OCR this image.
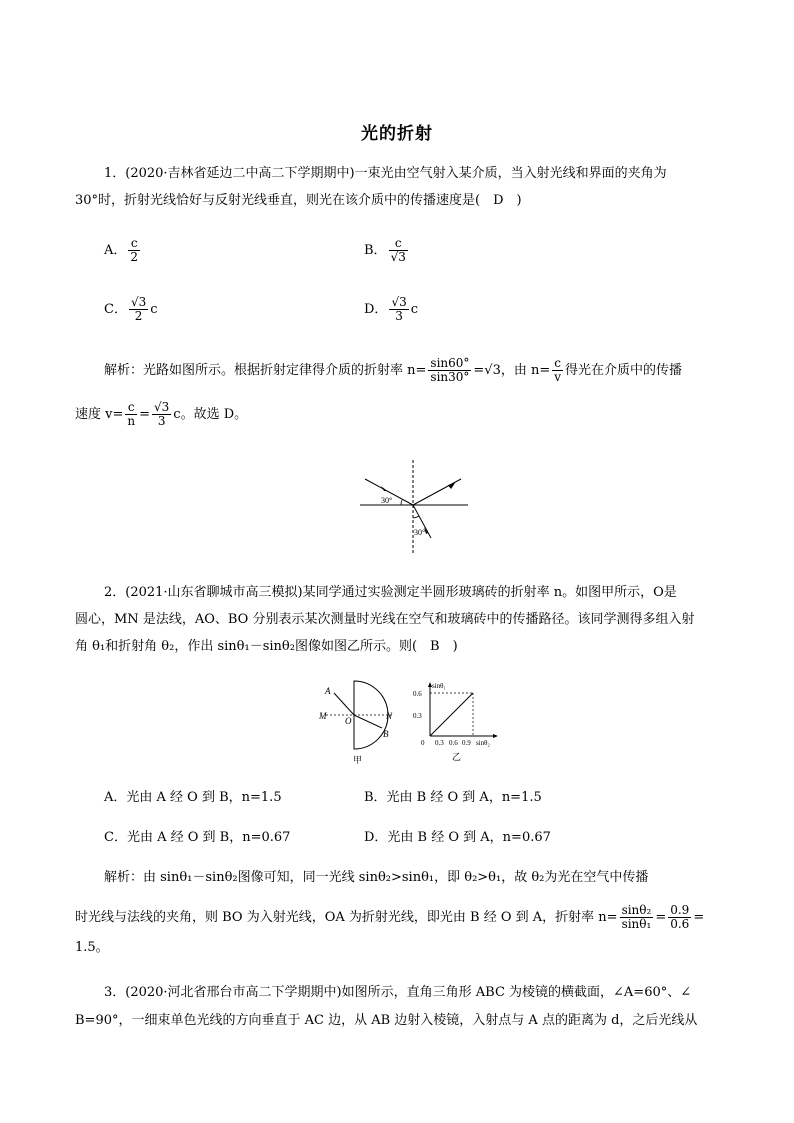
光的折射
1．(2020·吉林省延边二中高二下学期期中)一束光由空气射入某介质，当入射光线和界面的夹角为
30°时，折射光线恰好与反射光线垂直，则光在该介质中的传播速度是(　D　)
A． $\frac{c}{2}$	B． $\frac{c}{√3}$
C． $\frac{√3}{2}$ c	D． $\frac{√3}{3}$ c
解析：光路如图所示。根据折射定律得介质的折射率 $n= \frac{\sin 60^\circ}{\sin 30^\circ} =√3$，由 $n= \frac{c}{v}$ 得光在介质中的传播
速度 $v= \frac{c}{n} = \frac{√3}{3}$ c。故选 D。
30°
30°
2．(2021·山东省聊城市高三模拟)某同学通过实验测定半圆形玻璃砖的折射率 n。如图甲所示，O是
圆心，MN 是法线，AO、BO 分别表示某次测量时光线在空气和玻璃砖中的传播路径。该同学测得多组入射
角 θ₁和折射角 θ₂，作出 sinθ₁－sinθ₂图像如图乙所示。则(　B　)
A
M O	N
B
甲
sinθ₁
0.6
0.3
0 0.3 0.6 0.9 sinθ₂
乙
A．光由 A 经 O 到 B，n=1.5	B．光由 B 经 O 到 A，n=1.5
C．光由 A 经 O 到 B，n=0.67	D．光由 B 经 O 到 A，n=0.67
解析：由 sinθ₁－sinθ₂图像可知，同一光线 sinθ₂>sinθ₁，即 θ₂>θ₁，故 θ₂为光在空气中传播
时光线与法线的夹角，则 BO 为入射光线，OA 为折射光线，即光由 B 经 O 到 A，折射率 $n= \frac{\text{sinθ₂}}{\text{sinθ₁}} = \frac{0.9}{0.6}$ =
1.5。
3．(2020·河北省邢台市高二下学期期中)如图所示，直角三角形 ABC 为棱镜的横截面，∠A=60°、∠
B=90°，一细束单色光线的方向垂直于 AC 边，从 AB 边射入棱镜，入射点与 A 点的距离为 d，之后光线从
